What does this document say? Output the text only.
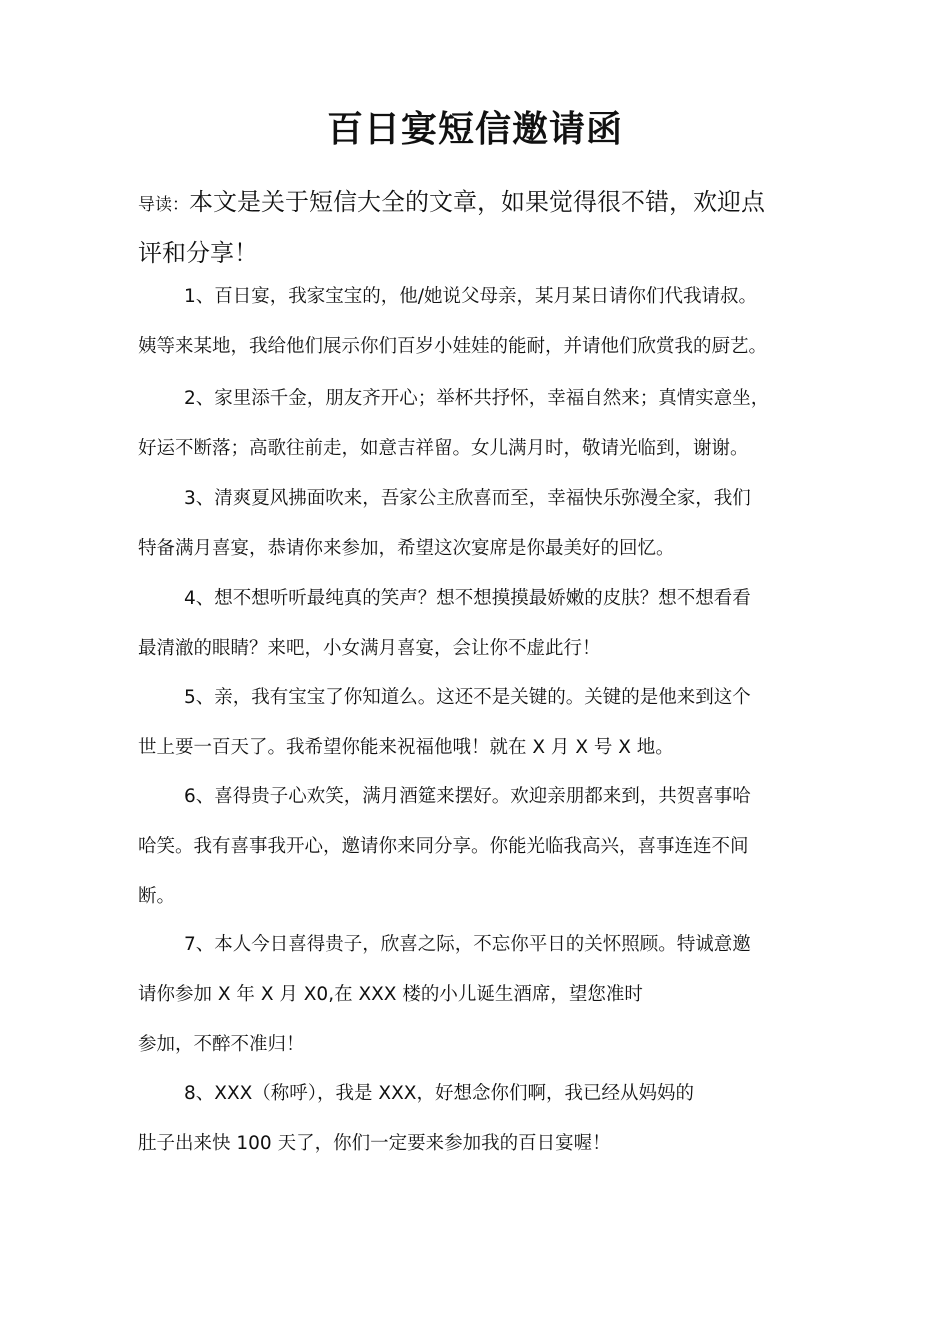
百日宴短信邀请函

导读：本文是关于短信大全的文章，如果觉得很不错，欢迎点
评和分享！

1、百日宴，我家宝宝的，他/她说父母亲，某月某日请你们代我请叔。
姨等来某地，我给他们展示你们百岁小娃娃的能耐，并请他们欣赏我的厨艺。

2、家里添千金，朋友齐开心；举杯共抒怀，幸福自然来；真情实意坐，
好运不断落；高歌往前走，如意吉祥留。女儿满月时，敬请光临到，谢谢。

3、清爽夏风拂面吹来，吾家公主欣喜而至，幸福快乐弥漫全家，我们
特备满月喜宴，恭请你来参加，希望这次宴席是你最美好的回忆。

4、想不想听听最纯真的笑声？想不想摸摸最娇嫩的皮肤？想不想看看
最清澈的眼睛？来吧，小女满月喜宴，会让你不虚此行！

5、亲，我有宝宝了你知道么。这还不是关键的。关键的是他来到这个
世上要一百天了。我希望你能来祝福他哦！就在 X 月 X 号 X 地。

6、喜得贵子心欢笑，满月酒筵来摆好。欢迎亲朋都来到，共贺喜事哈
哈笑。我有喜事我开心，邀请你来同分享。你能光临我高兴，喜事连连不间
断。

7、本人今日喜得贵子，欣喜之际，不忘你平日的关怀照顾。特诚意邀
请你参加 X 年 X 月 X0,在 XXX 楼的小儿诞生酒席，望您准时
参加，不醉不准归！

8、XXX（称呼），我是 XXX，好想念你们啊，我已经从妈妈的
肚子出来快 100 天了，你们一定要来参加我的百日宴喔！
